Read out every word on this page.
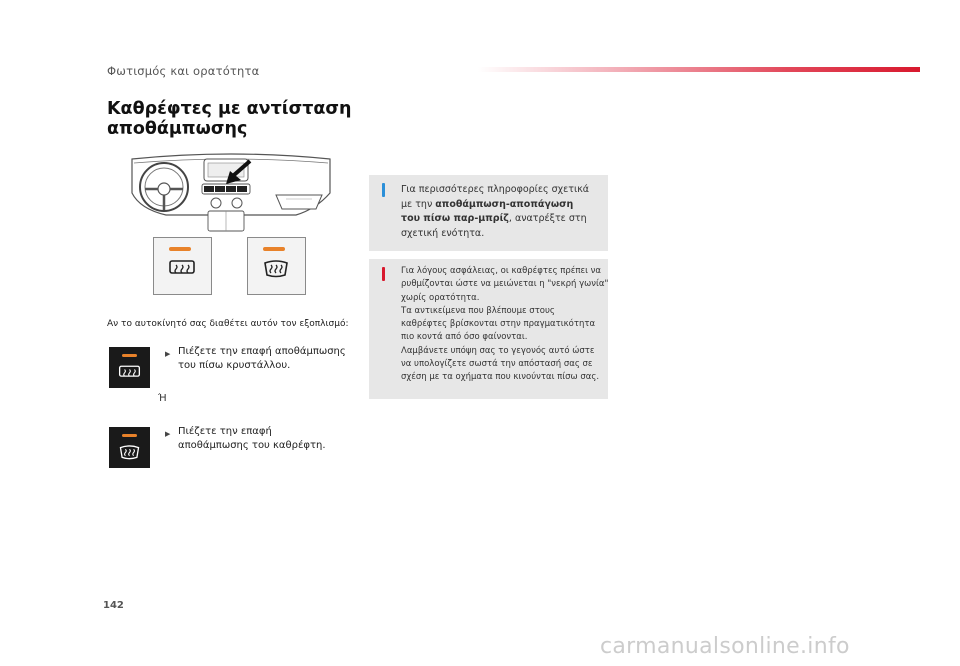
Φωτισμός και ορατότητα
Καθρέφτες με αντίσταση
αποθάμπωσης
Αν το αυτοκίνητό σας διαθέτει αυτόν τον εξοπλισμό:
▶ Πιέζετε την επαφή αποθάμπωσης
του πίσω κρυστάλλου.
Ή
▶ Πιέζετε την επαφή
αποθάμπωσης του καθρέφτη.
Για περισσότερες πληροφορίες σχετικά
με την αποθάμπωση-αποπάγωση
του πίσω παρ-μπρίζ, ανατρέξτε στη
σχετική ενότητα.
Για λόγους ασφάλειας, οι καθρέφτες πρέπει να
ρυθμίζονται ώστε να μειώνεται η "νεκρή γωνία"
χωρίς ορατότητα.
Τα αντικείμενα που βλέπουμε στους
καθρέφτες βρίσκονται στην πραγματικότητα
πιο κοντά από όσο φαίνονται.
Λαμβάνετε υπόψη σας το γεγονός αυτό ώστε
να υπολογίζετε σωστά την απόστασή σας σε
σχέση με τα οχήματα που κινούνται πίσω σας.
142
carmanualsonline.info
